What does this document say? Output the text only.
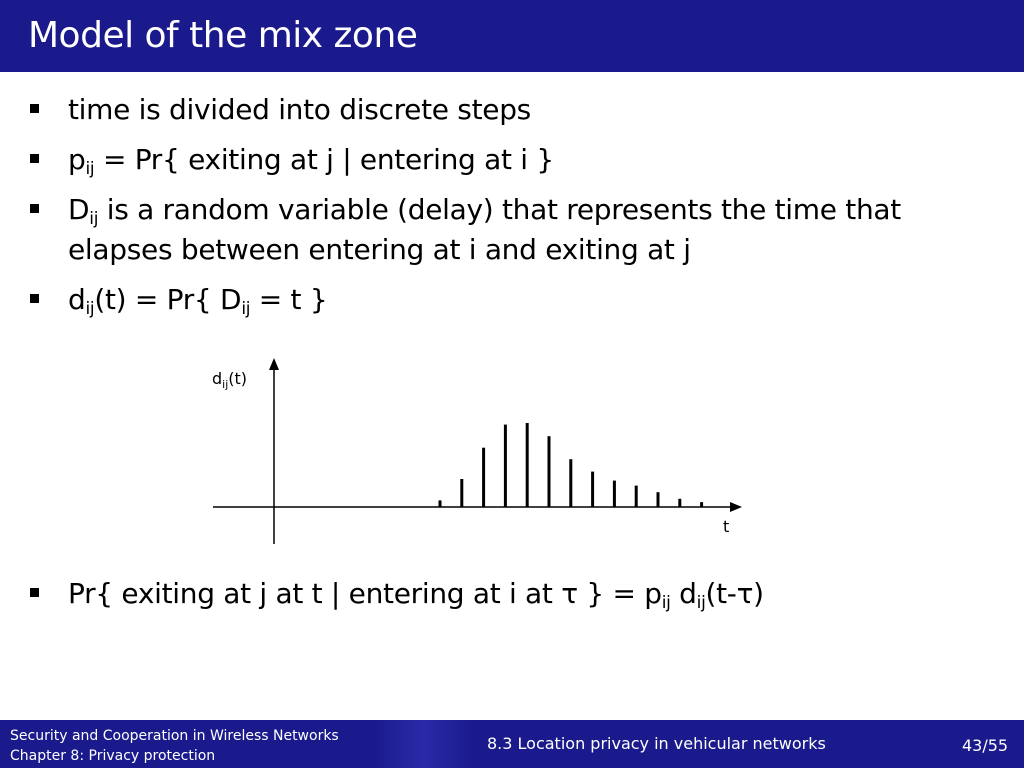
Model of the mix zone
time is divided into discrete steps
$p_{ij} = Pr${ exiting at j | entering at i }
$D_{ij}$ is a random variable (delay) that represents the time that elapses between entering at i and exiting at j
$d_{ij}(t) = Pr${ $D_{ij} = t$ }
Pr{ exiting at j at t | entering at i at τ } = $p_{ij}$ $d_{ij}(t-\tau)$
$d_{ij}(t)$
t
Security and Cooperation in Wireless Networks
Chapter 8: Privacy protection
8.3 Location privacy in vehicular networks	43/55
